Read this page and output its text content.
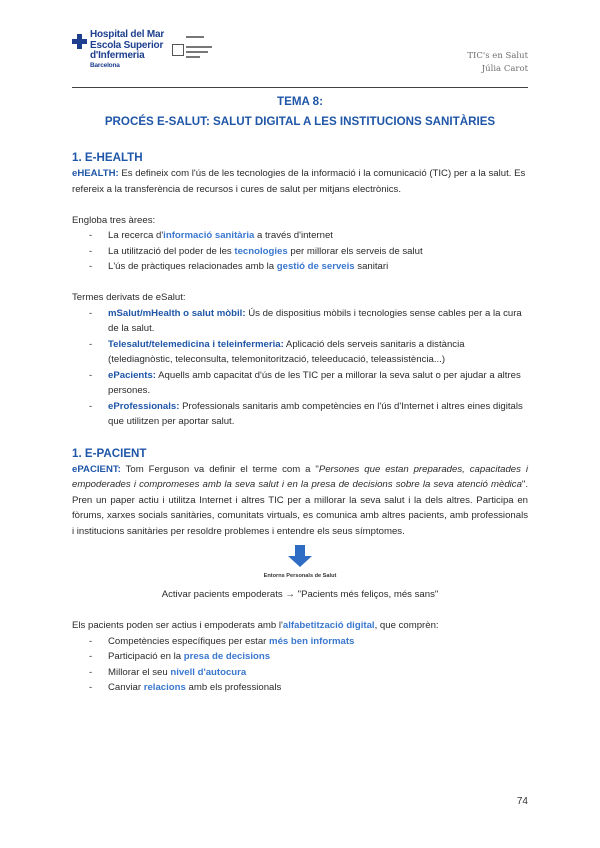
Hospital del Mar
Escola Superior
d'Infermeria
Barcelona
TIC's en Salut
Júlia Carot
TEMA 8:
PROCÉS E-SALUT: SALUT DIGITAL A LES INSTITUCIONS SANITÀRIES
1. E-HEALTH

eHEALTH: Es defineix com l'ús de les tecnologies de la informació i la comunicació (TIC) per a la salut. Es refereix a la transferència de recursos i cures de salut per mitjans electrònics.

Engloba tres àrees:

- La recerca d'informació sanitària a través d'internet
- La utilització del poder de les tecnologies per millorar els serveis de salut
- L'ús de pràctiques relacionades amb la gestió de serveis sanitari

Termes derivats de eSalut:

- mSalut/mHealth o salut mòbil: Ús de dispositius mòbils i tecnologies sense cables per a la cura de la salut.
- Telesalut/telemedicina i teleinfermeria: Aplicació dels serveis sanitaris a distància (telediagnòstic, teleconsulta, telemonitorització, teleeducació, teleassistència...)
- ePacients: Aquells amb capacitat d'ús de les TIC per a millorar la seva salut o per ajudar a altres persones.
- eProfessionals: Professionals sanitaris amb competències en l'ús d'Internet i altres eines digitals que utilitzen per aportar salut.
1. E-PACIENT

ePACIENT: Tom Ferguson va definir el terme com a "Persones que estan preparades, capacitades i empoderades i compromeses amb la seva salut i en la presa de decisions sobre la seva atenció mèdica". Pren un paper actiu i utilitza Internet i altres TIC per a millorar la seva salut i la dels altres. Participa en fòrums, xarxes socials sanitàries, comunitats virtuals, es comunica amb altres pacients, amb professionals i institucions sanitàries per resoldre problemes i entendre els seus símptomes.

Entorns Personals de Salut

Activar pacients empoderats → "Pacients més feliços, més sans"

Els pacients poden ser actius i empoderats amb l'alfabetització digital, que comprèn:

- Competències específiques per estar més ben informats
- Participació en la presa de decisions
- Millorar el seu nivell d'autocura
- Canviar relacions amb els professionals
74
